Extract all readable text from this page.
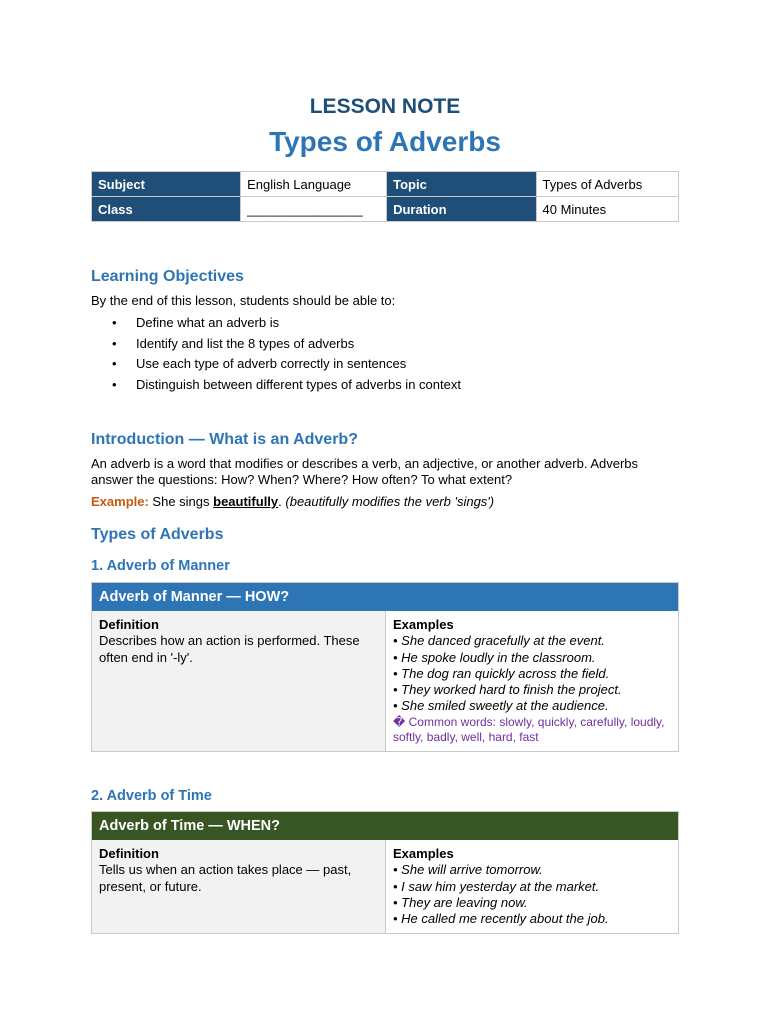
LESSON NOTE
Types of Adverbs
Subject	English Language	Topic	Types of Adverbs
Class	________________	Duration	40 Minutes
Learning Objectives
By the end of this lesson, students should be able to:
• Define what an adverb is
• Identify and list the 8 types of adverbs
• Use each type of adverb correctly in sentences
• Distinguish between different types of adverbs in context
Introduction — What is an Adverb?
An adverb is a word that modifies or describes a verb, an adjective, or another adverb. Adverbs answer the questions: How? When? Where? How often? To what extent?
Example: She sings beautifully. (beautifully modifies the verb 'sings')
Types of Adverbs
1. Adverb of Manner
Adverb of Manner — HOW?
Definition
Describes how an action is performed. These often end in '-ly'.
Examples
• She danced gracefully at the event.
• He spoke loudly in the classroom.
• The dog ran quickly across the field.
• They worked hard to finish the project.
• She smiled sweetly at the audience.
� Common words: slowly, quickly, carefully, loudly, softly, badly, well, hard, fast
2. Adverb of Time
Adverb of Time — WHEN?
Definition
Tells us when an action takes place — past, present, or future.
Examples
• She will arrive tomorrow.
• I saw him yesterday at the market.
• They are leaving now.
• He called me recently about the job.
